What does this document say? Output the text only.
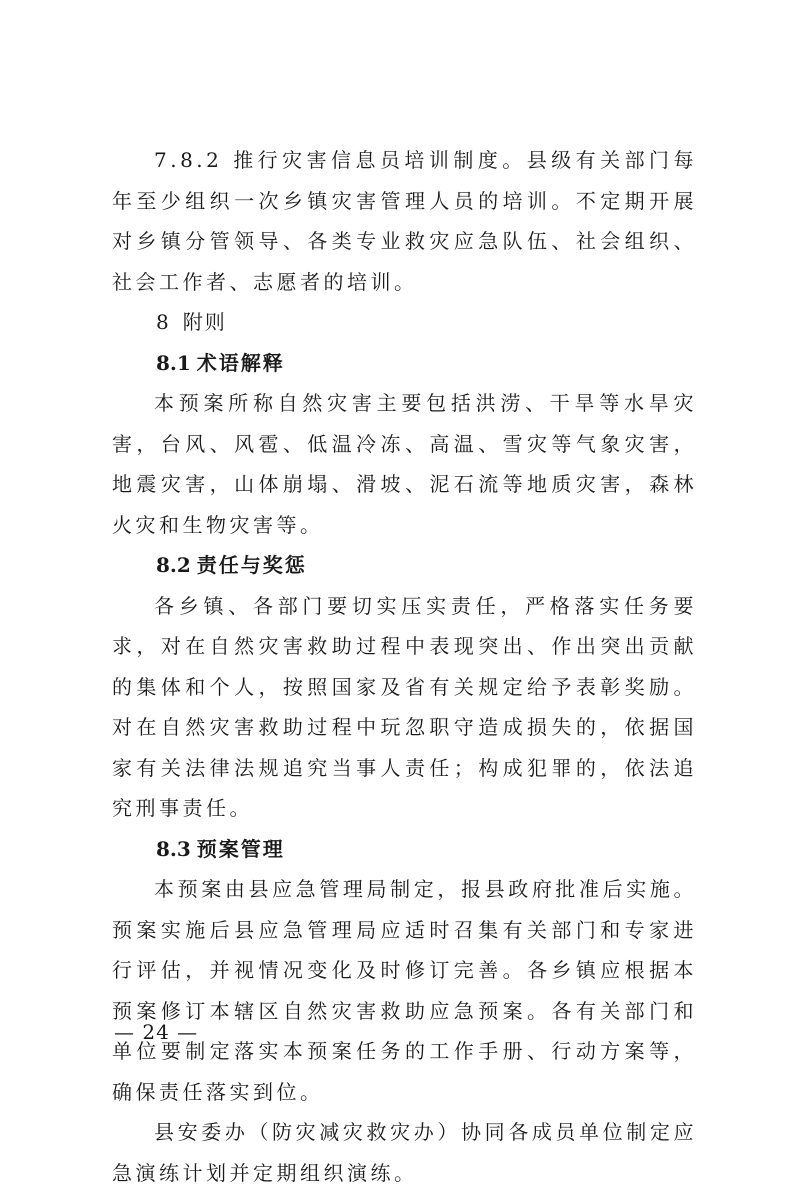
7.8.2 推行灾害信息员培训制度。县级有关部门每年至少组织一次乡镇灾害管理人员的培训。不定期开展对乡镇分管领导、各类专业救灾应急队伍、社会组织、社会工作者、志愿者的培训。

8 附则

8.1 术语解释

本预案所称自然灾害主要包括洪涝、干旱等水旱灾害，台风、风雹、低温冷冻、高温、雪灾等气象灾害，地震灾害，山体崩塌、滑坡、泥石流等地质灾害，森林火灾和生物灾害等。

8.2 责任与奖惩

各乡镇、各部门要切实压实责任，严格落实任务要求，对在自然灾害救助过程中表现突出、作出突出贡献的集体和个人，按照国家及省有关规定给予表彰奖励。对在自然灾害救助过程中玩忽职守造成损失的，依据国家有关法律法规追究当事人责任；构成犯罪的，依法追究刑事责任。

8.3 预案管理

本预案由县应急管理局制定，报县政府批准后实施。预案实施后县应急管理局应适时召集有关部门和专家进行评估，并视情况变化及时修订完善。各乡镇应根据本预案修订本辖区自然灾害救助应急预案。各有关部门和单位要制定落实本预案任务的工作手册、行动方案等，确保责任落实到位。

县安委办（防灾减灾救灾办）协同各成员单位制定应急演练计划并定期组织演练。

— 24 —
